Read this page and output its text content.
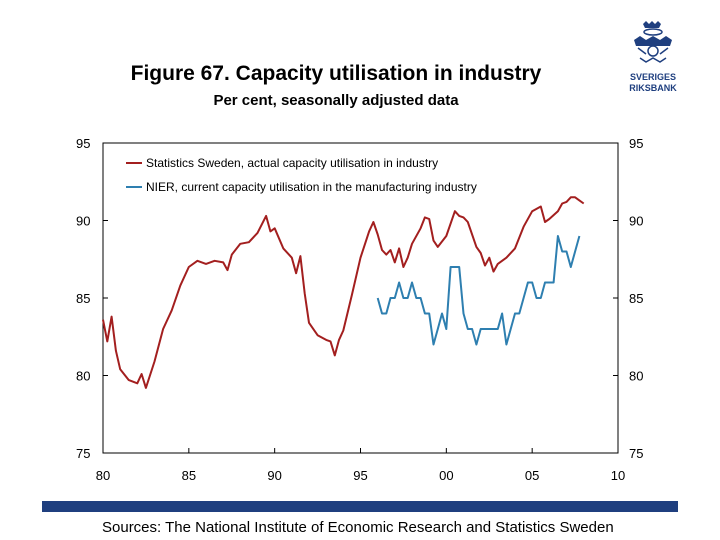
Figure 67. Capacity utilisation in industry
Per cent, seasonally adjusted data
SVERIGES
RIKSBANK
75	75
80	80
85	85
90	90
95	95
80	85	90	95	00	05	10
Statistics Sweden, actual capacity utilisation in industry
NIER, current capacity utilisation in the manufacturing industry
Sources: The National Institute of Economic Research and Statistics Sweden
